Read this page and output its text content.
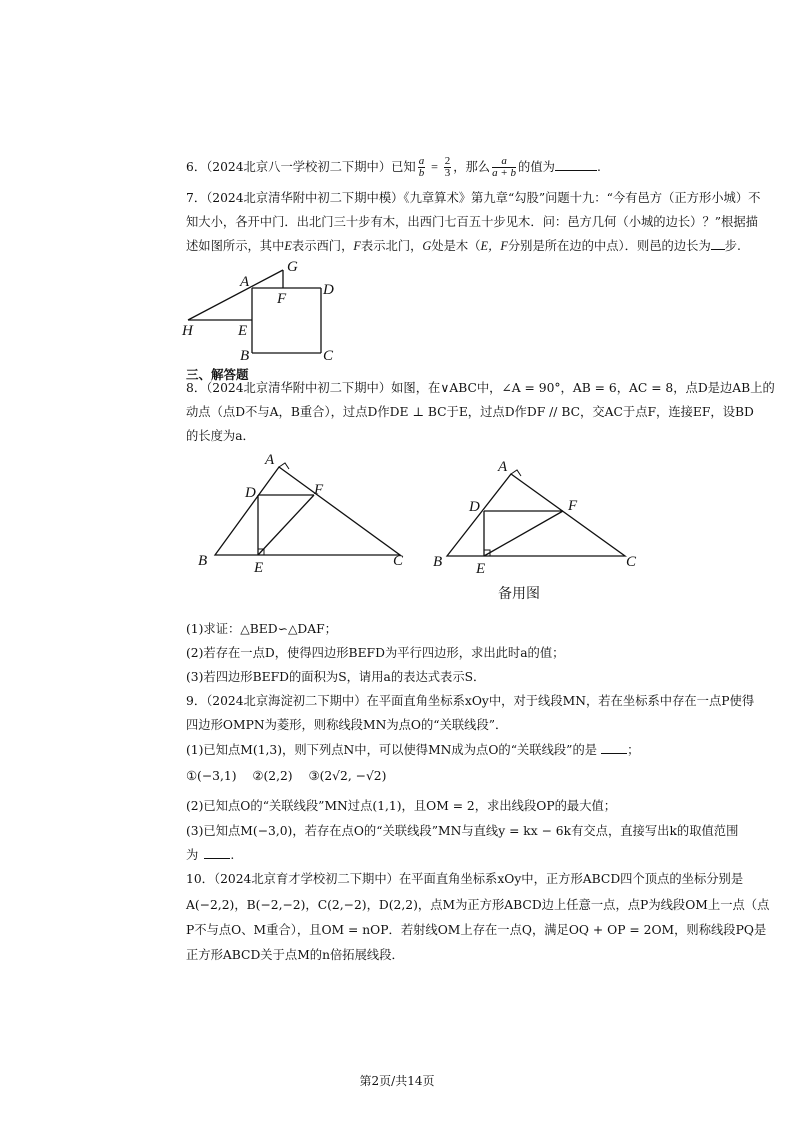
6．（2024北京八一学校初二下期中）已知 $\frac{a}{b} = \frac{2}{3}$ ，那么 $\frac{a}{a + b}$ 的值为	.
7．（2024北京清华附中初二下期中模）《九章算术》第九章“勾股”问题十九：“今有邑方（正方形小城）不
知大小，各开中门．出北门三十步有木，出西门七百五十步见木．问：邑方几何（小城的边长）？”根据描
述如图所示，其中E表示西门，F表示北门，G处是木（E，F分别是所在边的中点）．则邑的边长为 步.
A
G
F
D
H	E
B	C
三、解答题
8．（2024北京清华附中初二下期中）如图，在∨ABC中，∠A = 90°，AB = 6，AC = 8，点D是边AB上的
动点（点D不与A，B重合），过点D作DE ⊥ BC于E，过点D作DF // BC，交AC于点F，连接EF，设BD
的长度为a．
A
D	F
B	E	C
A
D	F
B E	C
备用图
(1)求证：△BED∽△DAF；
(2)若存在一点D，使得四边形BEFD为平行四边形，求出此时a的值；
(3)若四边形BEFD的面积为S，请用a的表达式表示S．
9．（2024北京海淀初二下期中）在平面直角坐标系xOy中，对于线段MN，若在坐标系中存在一点P使得
四边形OMPN为菱形，则称线段MN为点O的“关联线段”．
(1)已知点M(1,3)，则下列点N中，可以使得MN成为点O的“关联线段”的是 ；
①(−3,1) ②(2,2) ③(2√2, −√2)
(2)已知点O的“关联线段”MN过点(1,1)，且OM = 2，求出线段OP的最大值；
(3)已知点M(−3,0)，若存在点O的“关联线段”MN与直线y = kx − 6k有交点，直接写出k的取值范围
为	.
10．（2024北京育才学校初二下期中）在平面直角坐标系xOy中，正方形ABCD四个顶点的坐标分别是
A(−2,2)，B(−2,−2)，C(2,−2)，D(2,2)，点M为正方形ABCD边上任意一点，点P为线段OM上一点（点
P不与点O、M重合），且OM = nOP．若射线OM上存在一点Q，满足OQ + OP = 2OM，则称线段PQ是
正方形ABCD关于点M的n倍拓展线段．
第2页/共14页
